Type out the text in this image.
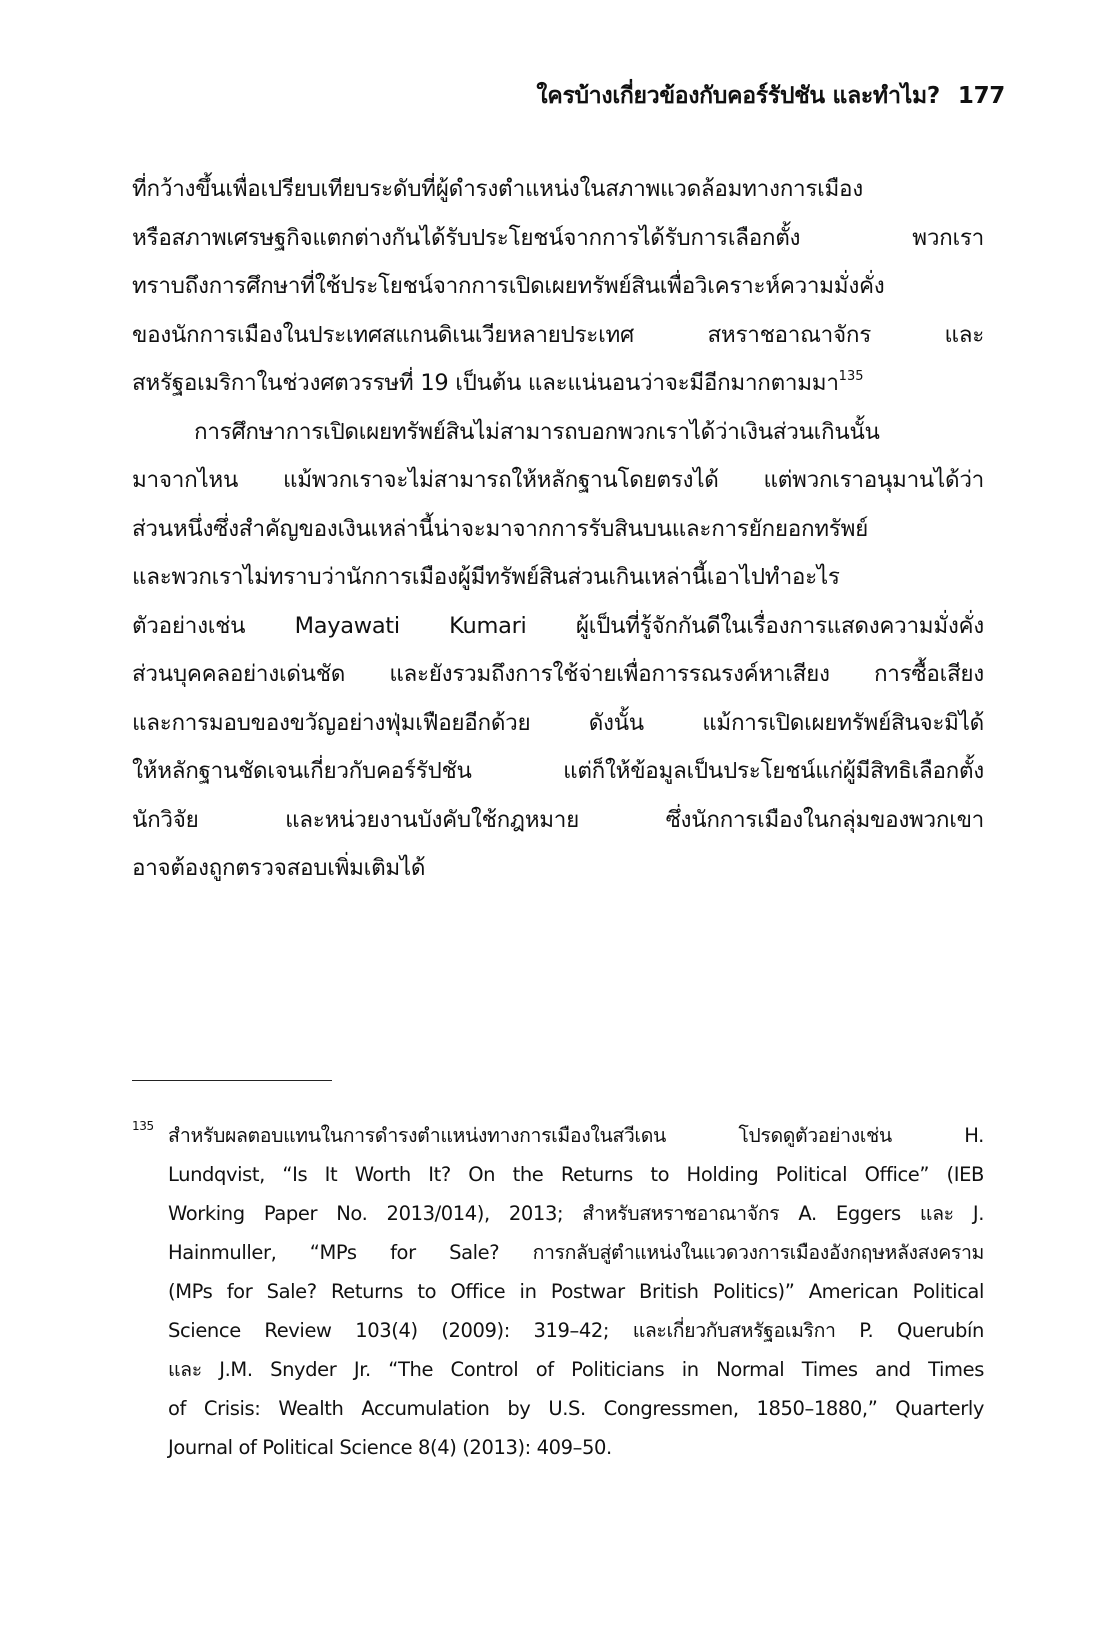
ใครบ้างเกี่ยวข้องกับคอร์รัปชัน และทำไม? 177
ที่กว้างขึ้นเพื่อเปรียบเทียบระดับที่ผู้ดำรงตำแหน่งในสภาพแวดล้อมทางการเมือง
หรือสภาพเศรษฐกิจแตกต่างกันได้รับประโยชน์จากการได้รับการเลือกตั้ง พวกเรา
ทราบถึงการศึกษาที่ใช้ประโยชน์จากการเปิดเผยทรัพย์สินเพื่อวิเคราะห์ความมั่งคั่ง
ของนักการเมืองในประเทศสแกนดิเนเวียหลายประเทศ สหราชอาณาจักร และ
สหรัฐอเมริกาในช่วงศตวรรษที่ 19 เป็นต้น และแน่นอนว่าจะมีอีกมากตามมา$^{135}$
การศึกษาการเปิดเผยทรัพย์สินไม่สามารถบอกพวกเราได้ว่าเงินส่วนเกินนั้น
มาจากไหน แม้พวกเราจะไม่สามารถให้หลักฐานโดยตรงได้ แต่พวกเราอนุมานได้ว่า
ส่วนหนึ่งซึ่งสำคัญของเงินเหล่านี้น่าจะมาจากการรับสินบนและการยักยอกทรัพย์
และพวกเราไม่ทราบว่านักการเมืองผู้มีทรัพย์สินส่วนเกินเหล่านี้เอาไปทำอะไร
ตัวอย่างเช่น Mayawati Kumari ผู้เป็นที่รู้จักกันดีในเรื่องการแสดงความมั่งคั่ง
ส่วนบุคคลอย่างเด่นชัด และยังรวมถึงการใช้จ่ายเพื่อการรณรงค์หาเสียง การซื้อเสียง
และการมอบของขวัญอย่างฟุ่มเฟือยอีกด้วย ดังนั้น แม้การเปิดเผยทรัพย์สินจะมิได้
ให้หลักฐานชัดเจนเกี่ยวกับคอร์รัปชัน แต่ก็ให้ข้อมูลเป็นประโยชน์แก่ผู้มีสิทธิเลือกตั้ง
นักวิจัย และหน่วยงานบังคับใช้กฎหมาย ซึ่งนักการเมืองในกลุ่มของพวกเขา
อาจต้องถูกตรวจสอบเพิ่มเติมได้
135 สำหรับผลตอบแทนในการดำรงตำแหน่งทางการเมืองในสวีเดน โปรดดูตัวอย่างเช่น H.
Lundqvist, “Is It Worth It? On the Returns to Holding Political Office” (IEB
Working Paper No. 2013/014), 2013; สำหรับสหราชอาณาจักร A. Eggers และ J.
Hainmuller, “MPs for Sale? การกลับสู่ตำแหน่งในแวดวงการเมืองอังกฤษหลังสงคราม
(MPs for Sale? Returns to Office in Postwar British Politics)” American Political
Science Review 103(4) (2009): 319–42; และเกี่ยวกับสหรัฐอเมริกา P. Querubín
และ J.M. Snyder Jr. “The Control of Politicians in Normal Times and Times
of Crisis: Wealth Accumulation by U.S. Congressmen, 1850–1880,” Quarterly
Journal of Political Science 8(4) (2013): 409–50.
